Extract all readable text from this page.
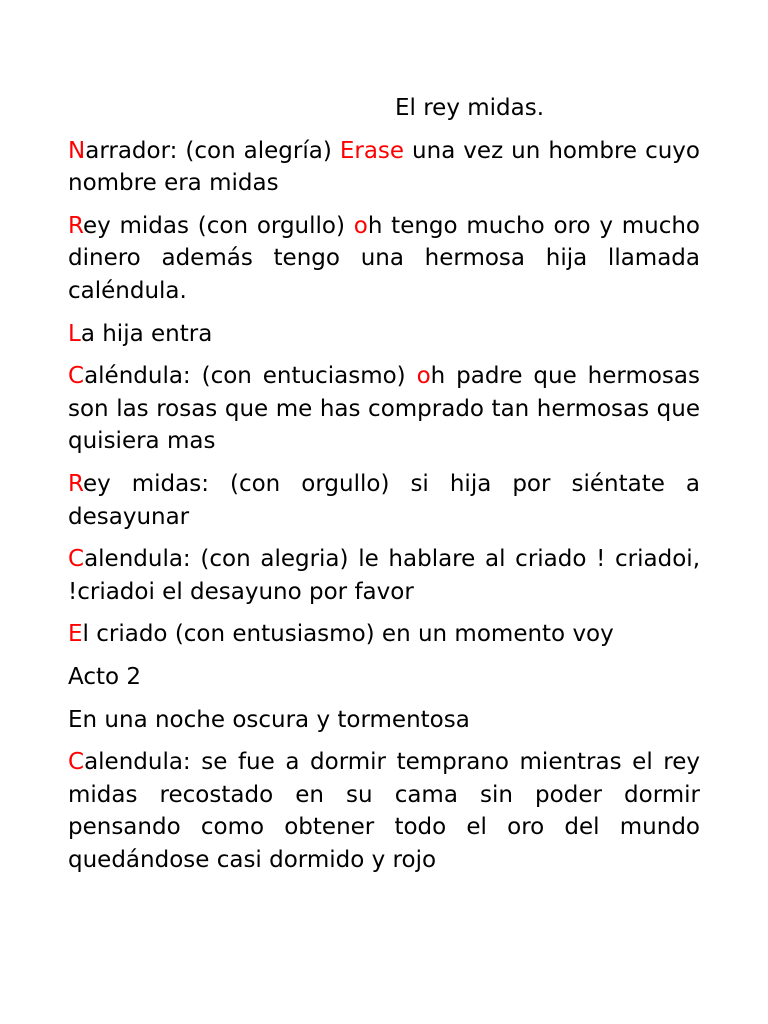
El rey midas.

Narrador: (con alegría) Erase una vez un hombre cuyo nombre era midas

Rey midas (con orgullo) oh tengo mucho oro y mucho dinero además tengo una hermosa hija llamada caléndula.

La hija entra

Caléndula: (con entuciasmo) oh padre que hermosas son las rosas que me has comprado tan hermosas que quisiera mas

Rey midas: (con orgullo) si hija por siéntate a desayunar

Calendula: (con alegria) le hablare al criado ! criadoi, !criadoi el desayuno por favor

El criado (con entusiasmo) en un momento voy

Acto 2

En una noche oscura y tormentosa

Calendula: se fue a dormir temprano mientras el rey midas recostado en su cama sin poder dormir pensando como obtener todo el oro del mundo quedándose casi dormido y rojo
